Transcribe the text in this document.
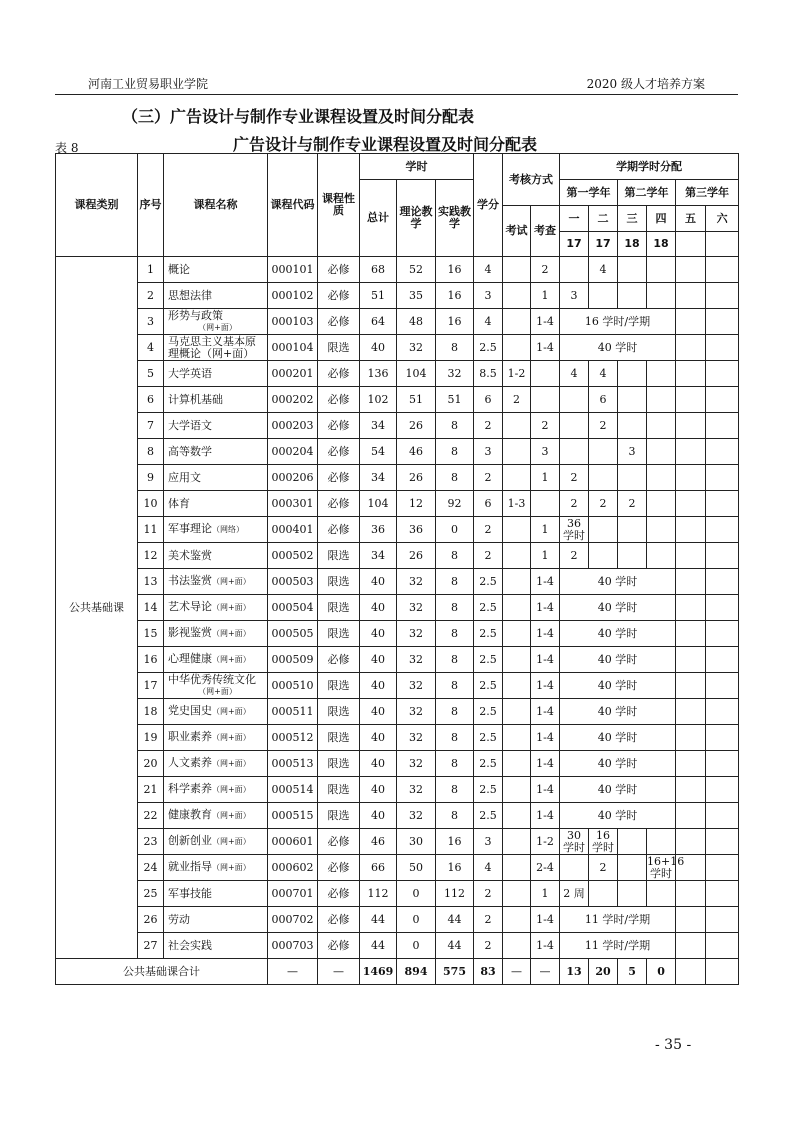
河南工业贸易职业学院	2020 级人才培养方案
（三）广告设计与制作专业课程设置及时间分配表
表 8	广告设计与制作专业课程设置及时间分配表
课程类别	序号	课程名称	课程代码	课程性质	学时			学分	考核方式		学期学时分配					
					总计	理论教学	实践教学				第一学年		第二学年		第三学年	
									考试	考查	一	二	三	四	五	六
											17	17	18	18		
公共基础课	1	概论	000101	必修	68	52	16	4		2		4				
	2	思想法律	000102	必修	51	35	16	3		1	3					
	3	形势与政策
（网+面）	000103	必修	64	48	16	4		1-4	16 学时/学期					
	4	马克思主义基本原
理概论（网+面）	000104	限选	40	32	8	2.5		1-4	40 学时					
	5	大学英语	000201	必修	136	104	32	8.5	1-2		4	4				
	6	计算机基础	000202	必修	102	51	51	6	2			6				
	7	大学语文	000203	必修	34	26	8	2		2		2				
	8	高等数学	000204	必修	54	46	8	3		3			3			
	9	应用文	000206	必修	34	26	8	2		1	2					
	10	体育	000301	必修	104	12	92	6	1-3		2	2	2			
	11	军事理论（网络）	000401	必修	36	36	0	2		1	36 学时					
	12	美术鉴赏	000502	限选	34	26	8	2		1	2					
	13	书法鉴赏（网+面）	000503	限选	40	32	8	2.5		1-4	40 学时					
	14	艺术导论（网+面）	000504	限选	40	32	8	2.5		1-4	40 学时					
	15	影视鉴赏（网+面）	000505	限选	40	32	8	2.5		1-4	40 学时					
	16	心理健康（网+面）	000509	必修	40	32	8	2.5		1-4	40 学时					
	17	中华优秀传统文化
（网+面）	000510	限选	40	32	8	2.5		1-4	40 学时					
	18	党史国史（网+面）	000511	限选	40	32	8	2.5		1-4	40 学时					
	19	职业素养（网+面）	000512	限选	40	32	8	2.5		1-4	40 学时					
	20	人文素养（网+面）	000513	限选	40	32	8	2.5		1-4	40 学时					
	21	科学素养（网+面）	000514	限选	40	32	8	2.5		1-4	40 学时					
	22	健康教育（网+面）	000515	限选	40	32	8	2.5		1-4	40 学时					
	23	创新创业（网+面）	000601	必修	46	30	16	3		1-2	30 学时	16 学时				
	24	就业指导（网+面）	000602	必修	66	50	16	4		2-4		2		16+16 学时		
	25	军事技能	000701	必修	112	0	112	2		1	2 周					
	26	劳动	000702	必修	44	0	44	2		1-4	11 学时/学期					
	27	社会实践	000703	必修	44	0	44	2		1-4	11 学时/学期					
公共基础课合计			—	—	1469	894	575	83	—	—	13	20	5	0		
- 35 -
